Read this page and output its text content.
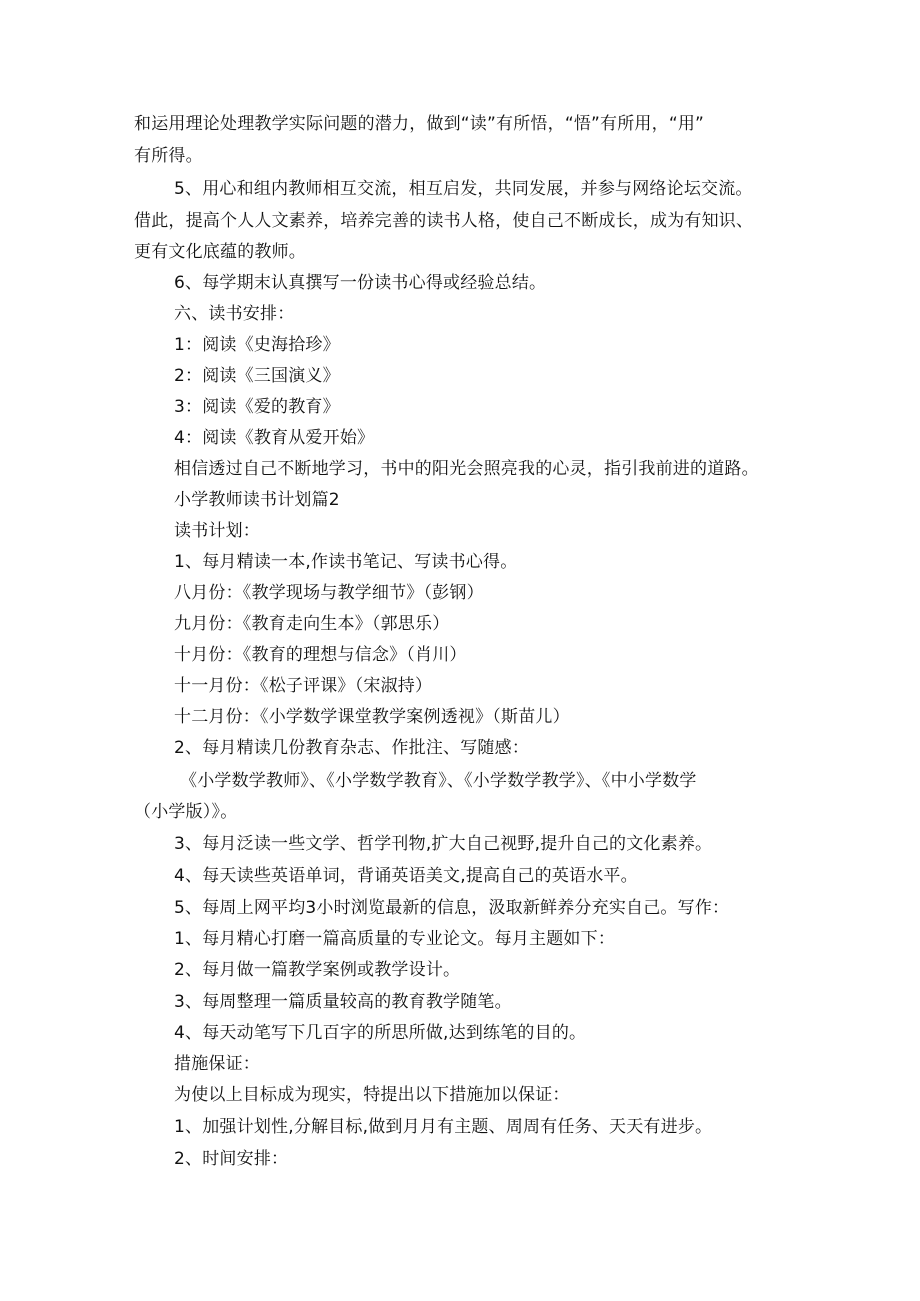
和运用理论处理教学实际问题的潜力，做到“读”有所悟，“悟”有所用，“用”
有所得。
5、用心和组内教师相互交流，相互启发，共同发展，并参与网络论坛交流。
借此，提高个人人文素养，培养完善的读书人格，使自己不断成长，成为有知识、
更有文化底蕴的教师。
6、每学期末认真撰写一份读书心得或经验总结。
六、读书安排：
1：阅读《史海拾珍》
2：阅读《三国演义》
3：阅读《爱的教育》
4：阅读《教育从爱开始》
相信透过自己不断地学习，书中的阳光会照亮我的心灵，指引我前进的道路。
小学教师读书计划篇2
读书计划：
1、每月精读一本,作读书笔记、写读书心得。
八月份：《教学现场与教学细节》（彭钢）
九月份：《教育走向生本》（郭思乐）
十月份：《教育的理想与信念》（肖川）
十一月份：《松子评课》（宋淑持）
十二月份：《小学数学课堂教学案例透视》（斯苗儿）
2、每月精读几份教育杂志、作批注、写随感：
《小学数学教师》、《小学数学教育》、《小学数学教学》、《中小学数学
（小学版）》。
3、每月泛读一些文学、哲学刊物,扩大自己视野,提升自己的文化素养。
4、每天读些英语单词，背诵英语美文,提高自己的英语水平。
5、每周上网平均3小时浏览最新的信息，汲取新鲜养分充实自己。写作：
1、每月精心打磨一篇高质量的专业论文。每月主题如下：
2、每月做一篇教学案例或教学设计。
3、每周整理一篇质量较高的教育教学随笔。
4、每天动笔写下几百字的所思所做,达到练笔的目的。
措施保证：
为使以上目标成为现实，特提出以下措施加以保证：
1、加强计划性,分解目标,做到月月有主题、周周有任务、天天有进步。
2、时间安排：
